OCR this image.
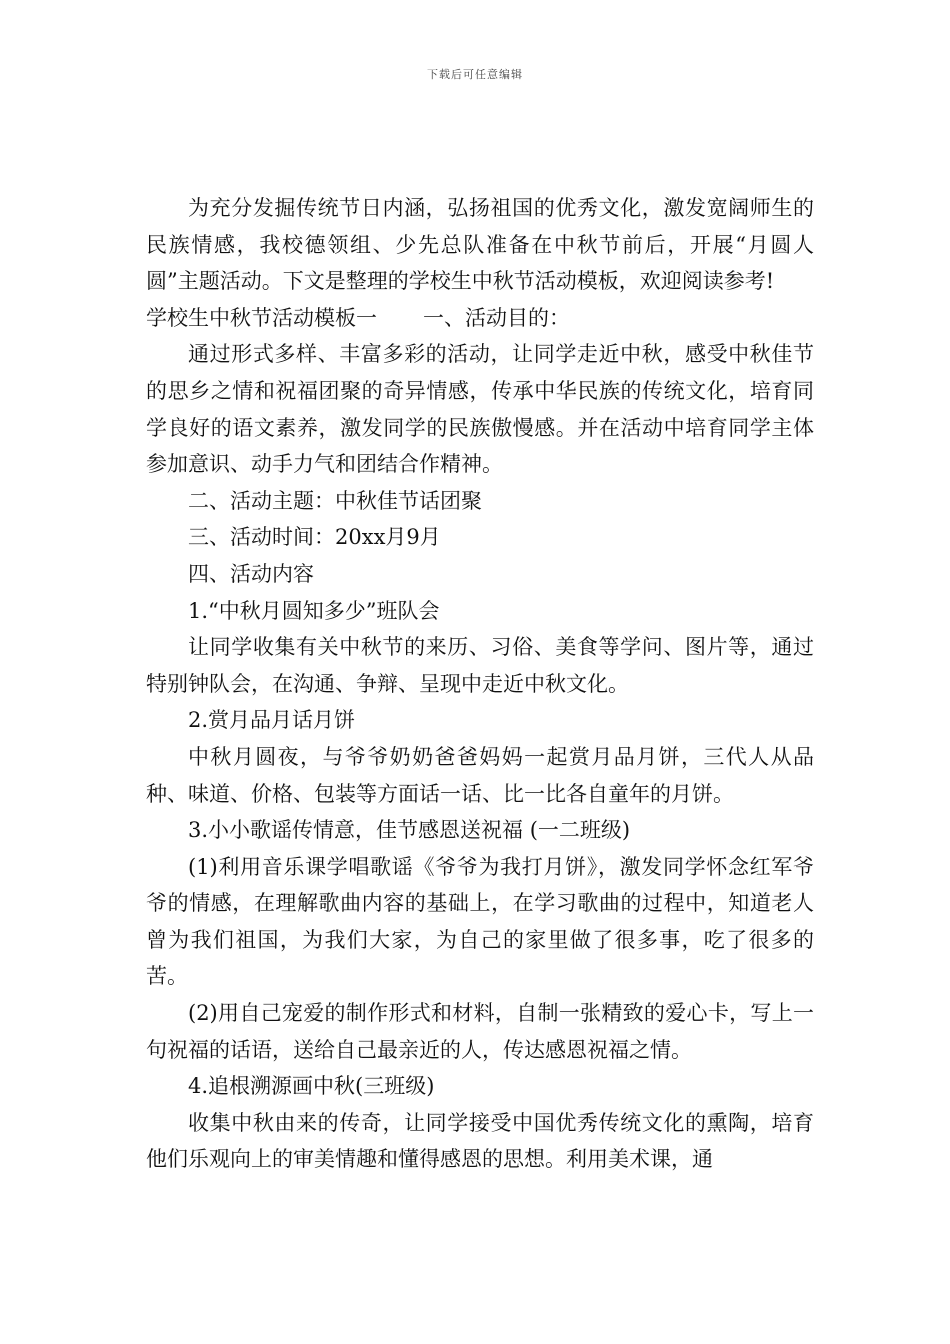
下载后可任意编辑

为充分发掘传统节日内涵，弘扬祖国的优秀文化，激发宽阔师生的民族情感，我校德领组、少先总队准备在中秋节前后，开展“月圆人圆”主题活动。下文是整理的学校生中秋节活动模板，欢迎阅读参考!

学校生中秋节活动模板一 一、活动目的：

通过形式多样、丰富多彩的活动，让同学走近中秋，感受中秋佳节的思乡之情和祝福团聚的奇异情感，传承中华民族的传统文化，培育同学良好的语文素养，激发同学的民族傲慢感。并在活动中培育同学主体参加意识、动手力气和团结合作精神。

二、活动主题：中秋佳节话团聚

三、活动时间：20xx月9月

四、活动内容

1.“中秋月圆知多少”班队会

让同学收集有关中秋节的来历、习俗、美食等学问、图片等，通过特别钟队会，在沟通、争辩、呈现中走近中秋文化。

2.赏月品月话月饼

中秋月圆夜，与爷爷奶奶爸爸妈妈一起赏月品月饼，三代人从品种、味道、价格、包装等方面话一话、比一比各自童年的月饼。

3.小小歌谣传情意，佳节感恩送祝福 (一二班级)

(1)利用音乐课学唱歌谣《爷爷为我打月饼》，激发同学怀念红军爷爷的情感，在理解歌曲内容的基础上，在学习歌曲的过程中，知道老人曾为我们祖国，为我们大家，为自己的家里做了很多事，吃了很多的苦。

(2)用自己宠爱的制作形式和材料，自制一张精致的爱心卡，写上一句祝福的话语，送给自己最亲近的人，传达感恩祝福之情。

4.追根溯源画中秋(三班级)

收集中秋由来的传奇，让同学接受中国优秀传统文化的熏陶，培育他们乐观向上的审美情趣和懂得感恩的思想。利用美术课，通
